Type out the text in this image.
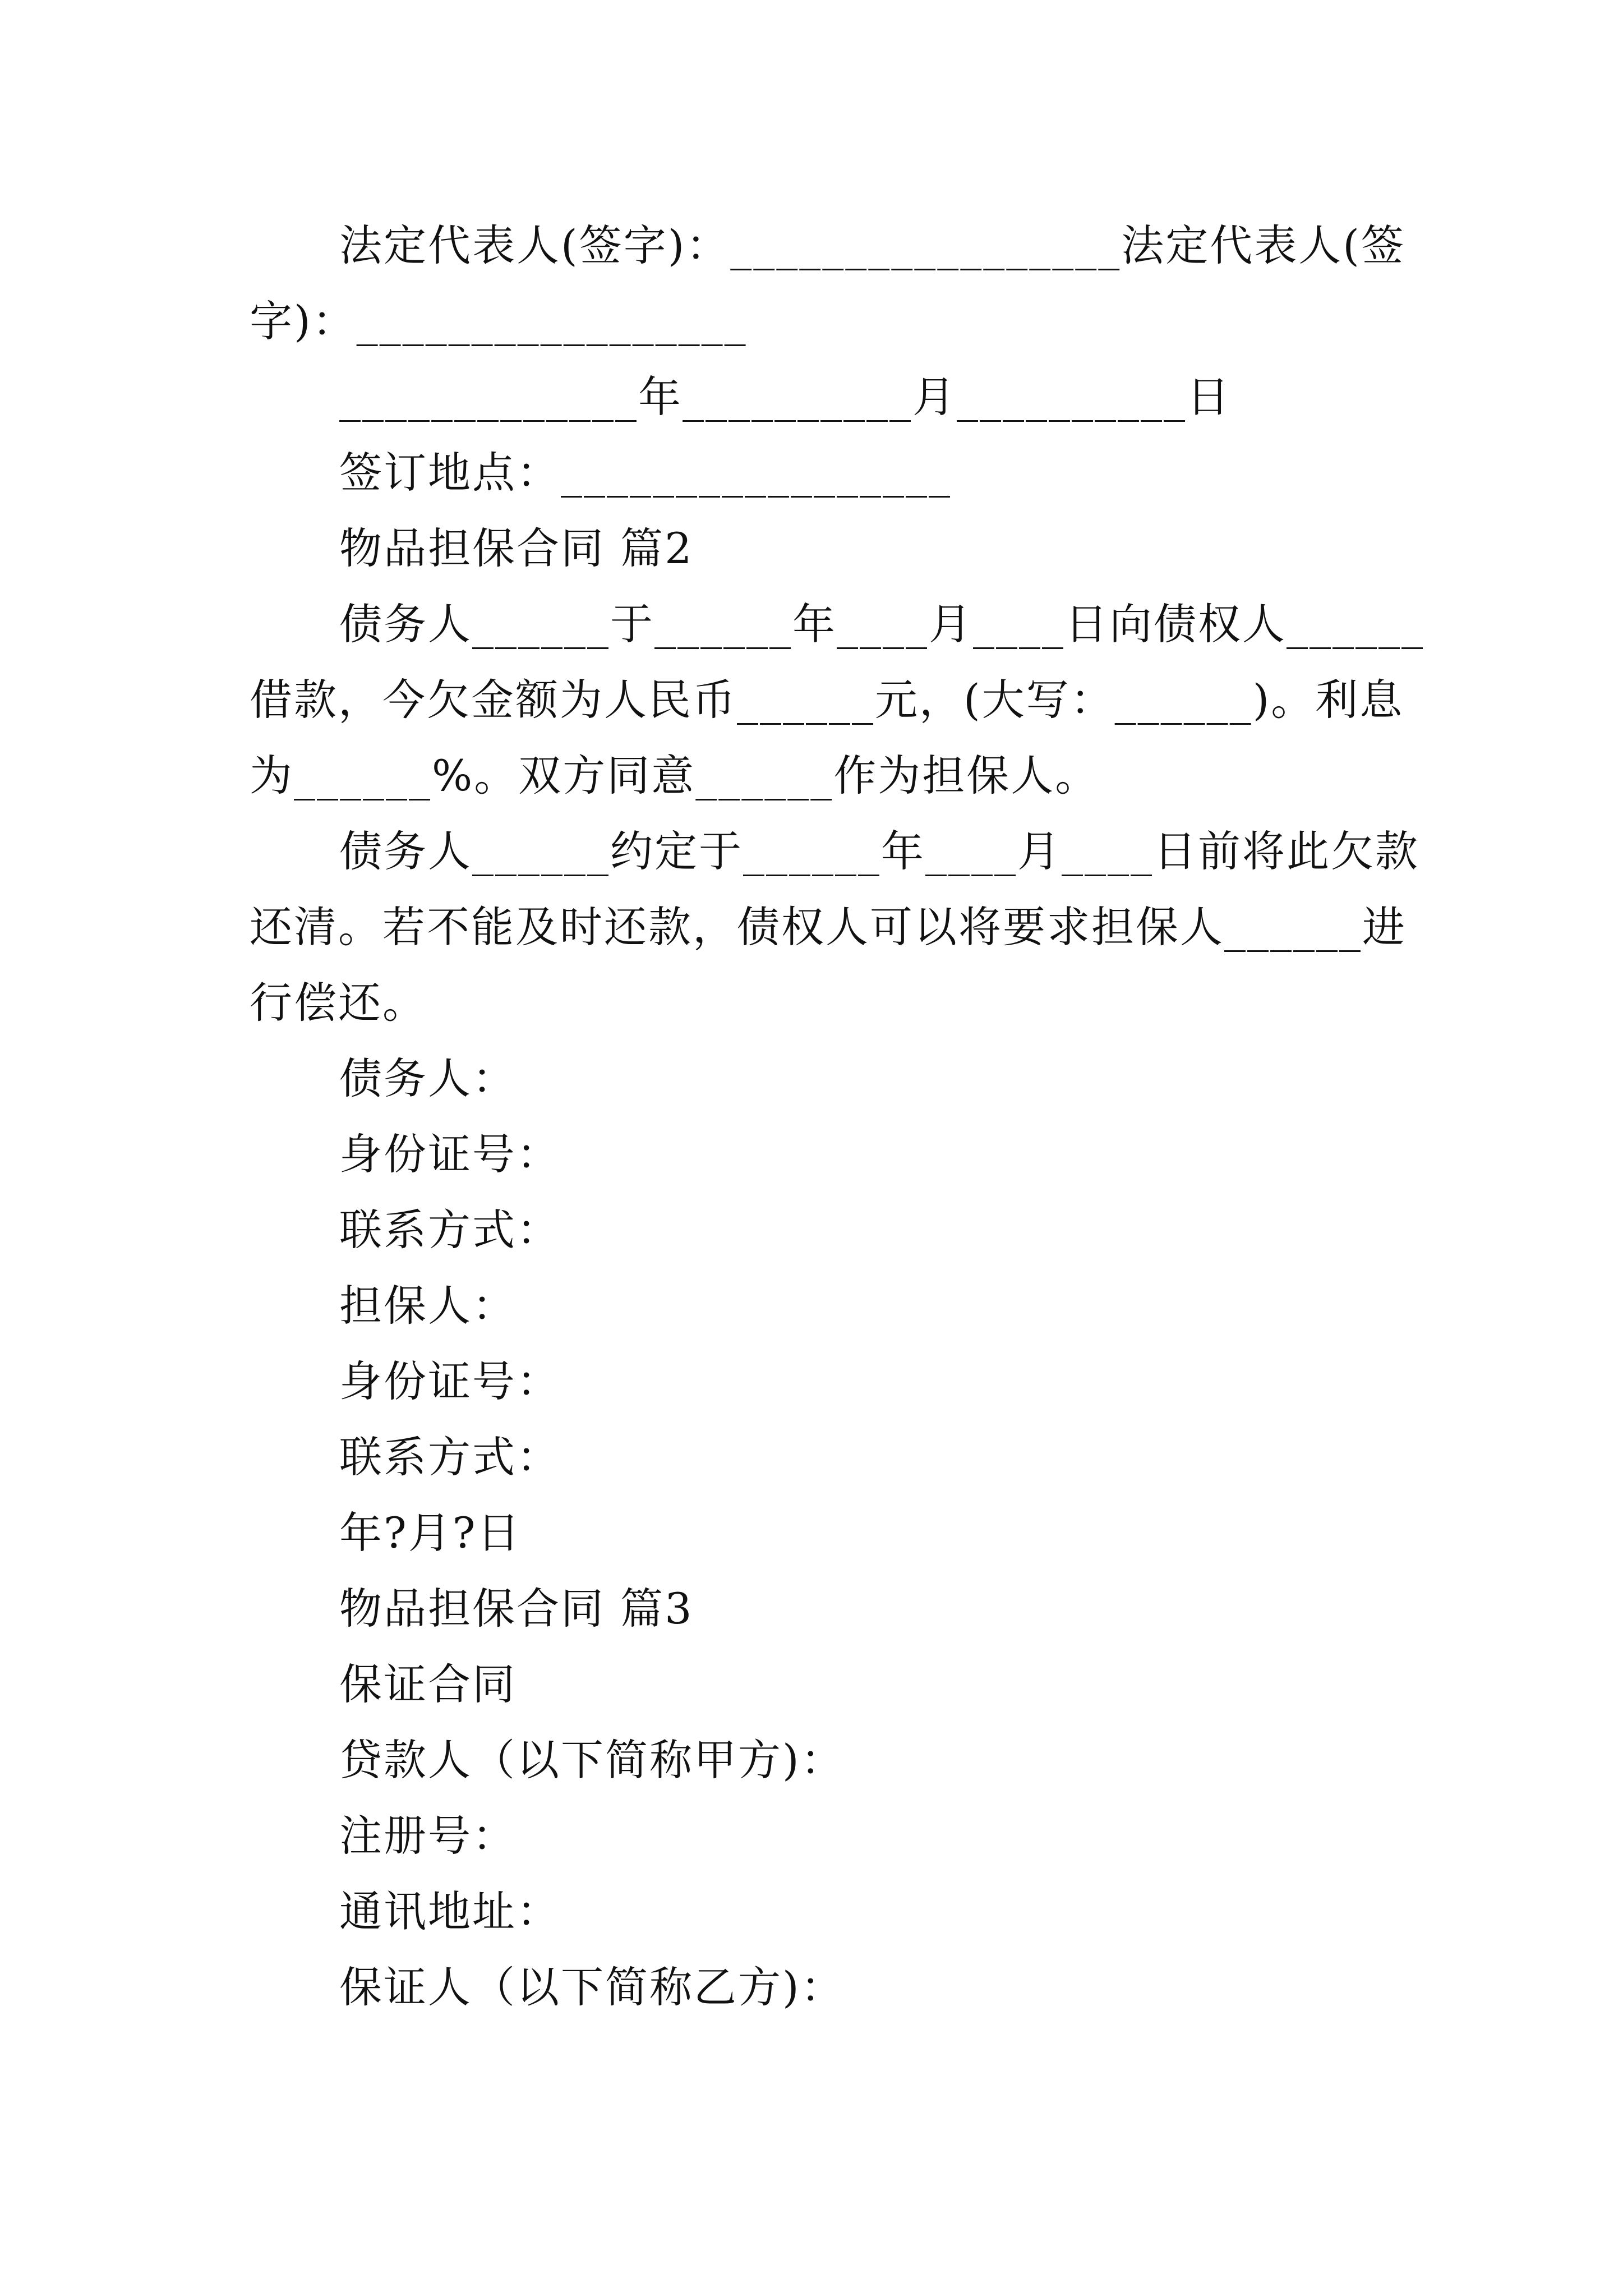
法定代表人(签字)：_________________法定代表人(签
字)：_________________
_____________年__________月__________日
签订地点：_________________
物品担保合同 篇2
债务人______于______年____月____日向债权人______
借款，今欠金额为人民币______元，(大写：______)。利息
为______%。双方同意______作为担保人。
债务人______约定于______年____月____日前将此欠款
还清。若不能及时还款，债权人可以将要求担保人______进
行偿还。
债务人：
身份证号：
联系方式：
担保人：
身份证号：
联系方式：
年?月?日
物品担保合同 篇3
保证合同
贷款人（以下简称甲方)：
注册号：
通讯地址：
保证人（以下简称乙方)：
